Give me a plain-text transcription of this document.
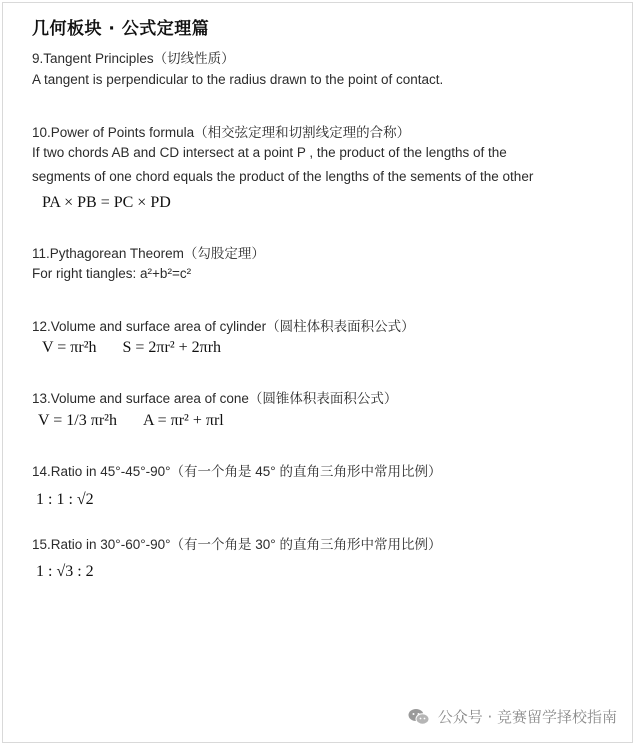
几何板块 · 公式定理篇
9.Tangent Principles（切线性质）
A tangent is perpendicular to the radius drawn to the point of contact.
10.Power of Points formula（相交弦定理和切割线定理的合称）
If two chords AB and CD intersect at a point P , the product of the lengths of the
segments of one chord equals the product of the lengths of the sements of the other
PA × PB = PC × PD
11.Pythagorean Theorem（勾股定理）
For right tiangles: a²+b²=c²
12.Volume and surface area of cylinder（圆柱体积表面积公式）
V = πr²h S = 2πr² + 2πrh
13.Volume and surface area of cone（圆锥体积表面积公式）
V = 1/3 πr²h A = πr² + πrl
14.Ratio in 45°-45°-90°（有一个角是 45° 的直角三角形中常用比例）
1 : 1 : √2
15.Ratio in 30°-60°-90°（有一个角是 30° 的直角三角形中常用比例）
1 : √3 : 2
公众号 · 竞赛留学择校指南
